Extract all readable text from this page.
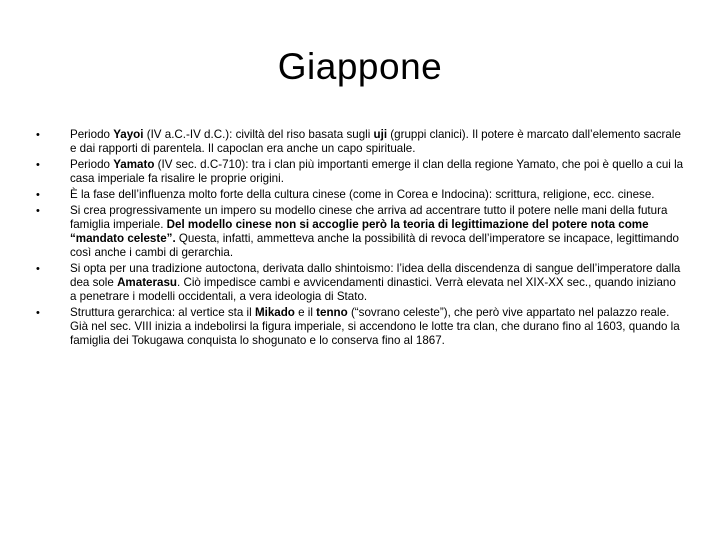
Giappone
•	Periodo Yayoi (IV a.C.-IV d.C.): civiltà del riso basata sugli uji (gruppi clanici). Il potere è marcato dall’elemento sacrale e dai rapporti di parentela. Il capoclan era anche un capo spirituale.
•	Periodo Yamato (IV sec. d.C-710): tra i clan più importanti emerge il clan della regione Yamato, che poi è quello a cui la casa imperiale fa risalire le proprie origini.
•	È la fase dell’influenza molto forte della cultura cinese (come in Corea e Indocina): scrittura, religione, ecc. cinese.
•	Si crea progressivamente un impero su modello cinese che arriva ad accentrare tutto il potere nelle mani della futura famiglia imperiale. Del modello cinese non si accoglie però la teoria di legittimazione del potere nota come “mandato celeste”. Questa, infatti, ammetteva anche la possibilità di revoca dell’imperatore se incapace, legittimando così anche i cambi di gerarchia.
•	Si opta per una tradizione autoctona, derivata dallo shintoismo: l’idea della discendenza di sangue dell’imperatore dalla dea sole Amaterasu. Ciò impedisce cambi e avvicendamenti dinastici. Verrà elevata nel XIX-XX sec., quando iniziano a penetrare i modelli occidentali, a vera ideologia di Stato.
•	Struttura gerarchica: al vertice sta il Mikado e il tenno (“sovrano celeste”), che però vive appartato nel palazzo reale. Già nel sec. VIII inizia a indebolirsi la figura imperiale, si accendono le lotte tra clan, che durano fino al 1603, quando la famiglia dei Tokugawa conquista lo shogunato e lo conserva fino al 1867.
